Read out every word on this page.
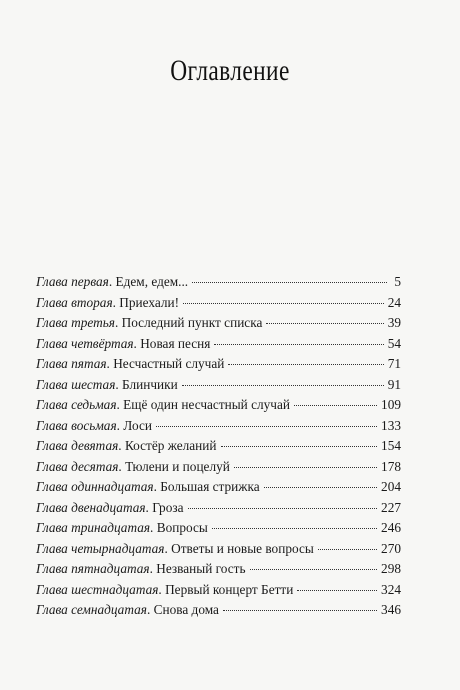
Оглавление
Глава первая . Едем, едем...	5
Глава вторая . Приехали!	24
Глава третья . Последний пункт списка	39
Глава четвёртая . Новая песня	54
Глава пятая . Несчастный случай	71
Глава шестая . Блинчики	91
Глава седьмая . Ещё один несчастный случай	109
Глава восьмая . Лоси	133
Глава девятая . Костёр желаний	154
Глава десятая . Тюлени и поцелуй	178
Глава одиннадцатая . Большая стрижка	204
Глава двенадцатая . Гроза	227
Глава тринадцатая . Вопросы	246
Глава четырнадцатая . Ответы и новые вопросы	270
Глава пятнадцатая . Незваный гость	298
Глава шестнадцатая . Первый концерт Бетти	324
Глава семнадцатая . Снова дома	346
